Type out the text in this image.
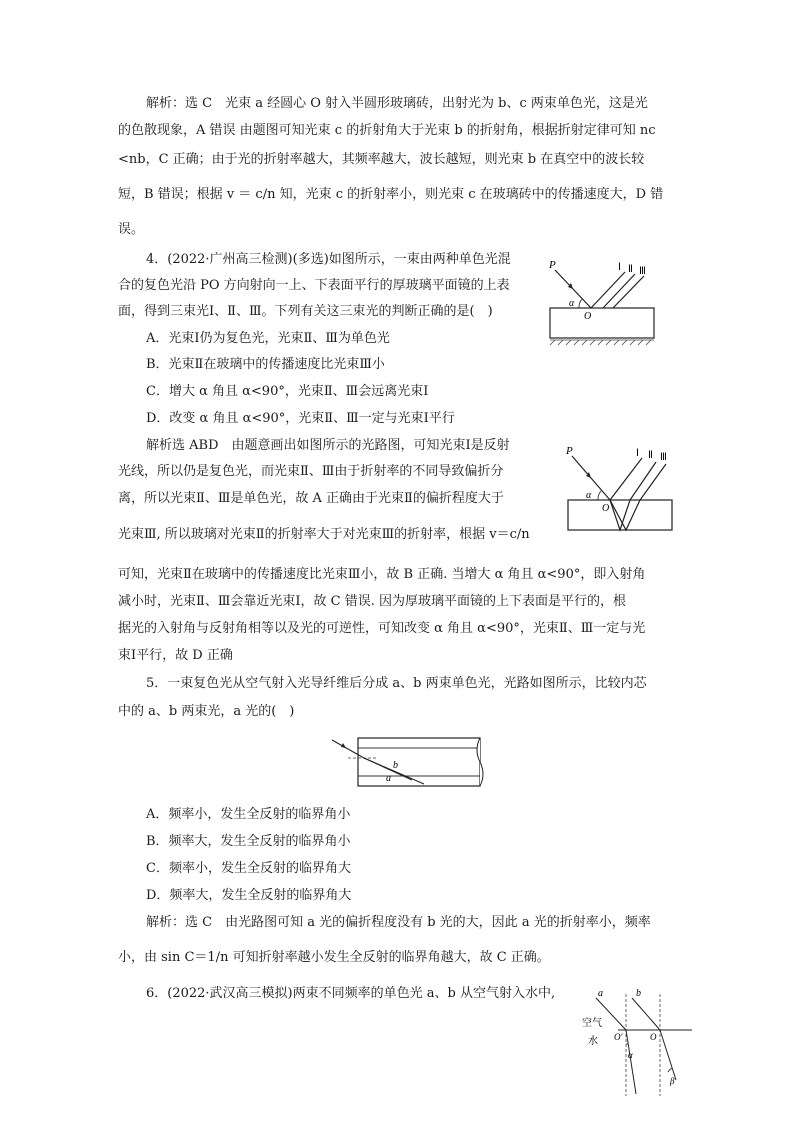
解析：选 C　光束 a 经圆心 O 射入半圆形玻璃砖，出射光为 b、c 两束单色光，这是光
的色散现象，A 错误 由题图可知光束 c 的折射角大于光束 b 的折射角，根据折射定律可知 nc
<nb，C 正确；由于光的折射率越大，其频率越大，波长越短，则光束 b 在真空中的波长较
短，B 错误；根据 v ＝ c/n 知，光束 c 的折射率小，则光束 c 在玻璃砖中的传播速度大，D 错
误。
4．(2022·广州高三检测)(多选)如图所示，一束由两种单色光混
合的复色光沿 PO 方向射向一上、下表面平行的厚玻璃平面镜的上表
面，得到三束光Ⅰ、Ⅱ、Ⅲ。下列有关这三束光的判断正确的是(　)
P
O
α
Ⅰ Ⅱ Ⅲ
A．光束Ⅰ仍为复色光，光束Ⅱ、Ⅲ为单色光
B．光束Ⅱ在玻璃中的传播速度比光束Ⅲ小
C．增大 α 角且 α<90°，光束Ⅱ、Ⅲ会远离光束Ⅰ
D．改变 α 角且 α<90°，光束Ⅱ、Ⅲ一定与光束Ⅰ平行
解析选 ABD　由题意画出如图所示的光路图，可知光束Ⅰ是反射
光线，所以仍是复色光，而光束Ⅱ、Ⅲ由于折射率的不同导致偏折分
离，所以光束Ⅱ、Ⅲ是单色光，故 A 正确由于光束Ⅱ的偏折程度大于
光束Ⅲ, 所以玻璃对光束Ⅱ的折射率大于对光束Ⅲ的折射率，根据 v＝c/n
可知，光束Ⅱ在玻璃中的传播速度比光束Ⅲ小，故 B 正确. 当增大 α 角且 α<90°，即入射角
减小时，光束Ⅱ、Ⅲ会靠近光束Ⅰ，故 C 错误. 因为厚玻璃平面镜的上下表面是平行的，根
据光的入射角与反射角相等以及光的可逆性，可知改变 α 角且 α<90°，光束Ⅱ、Ⅲ一定与光
束Ⅰ平行，故 D 正确
P
O
α
Ⅰ Ⅱ Ⅲ
5．一束复色光从空气射入光导纤维后分成 a、b 两束单色光，光路如图所示，比较内芯
中的 a、b 两束光，a 光的(　)
b
a
A．频率小，发生全反射的临界角小
B．频率大，发生全反射的临界角小
C．频率小，发生全反射的临界角大
D．频率大，发生全反射的临界角大
解析：选 C　由光路图可知 a 光的偏折程度没有 b 光的大，因此 a 光的折射率小，频率
小，由 sin C＝1/n 可知折射率越小发生全反射的临界角越大，故 C 正确。
6．(2022·武汉高三模拟)两束不同频率的单色光 a、b 从空气射入水中,	a	b
空气
水 O′	O
α
β
